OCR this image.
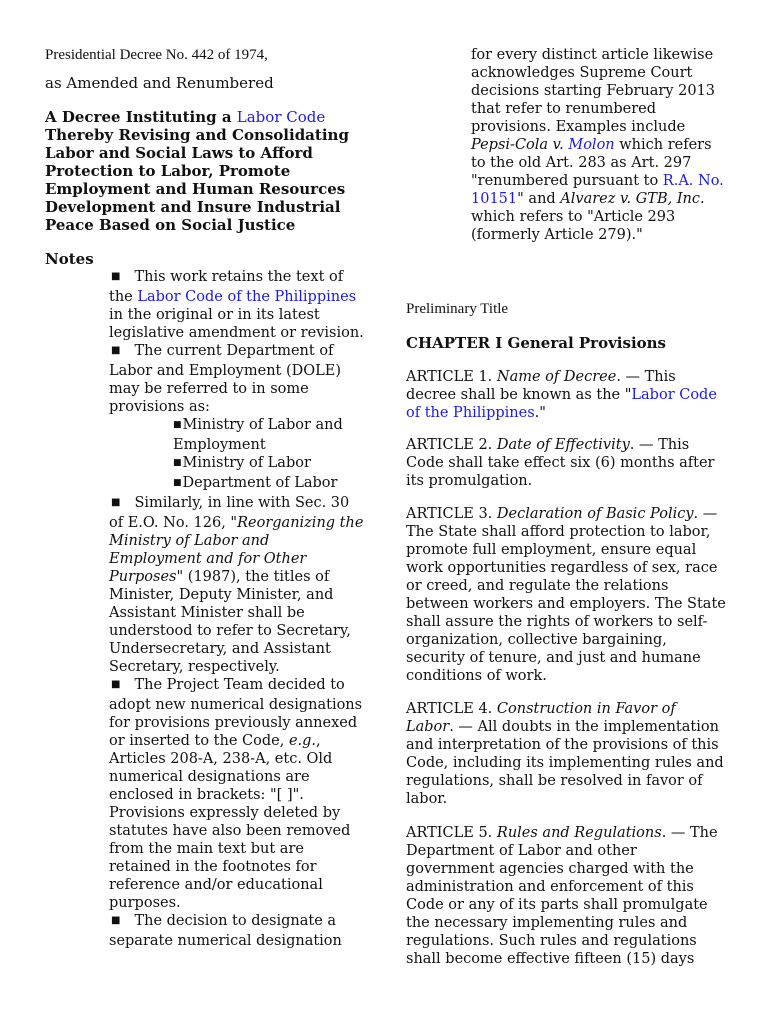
Presidential Decree No. 442 of 1974,
as Amended and Renumbered
A Decree Instituting a Labor Code
Thereby Revising and Consolidating Labor and Social Laws to Afford Protection to Labor, Promote Employment and Human Resources Development and Insure Industrial Peace Based on Social Justice
Notes
■ This work retains the text of the Labor Code of the Philippines in the original or in its latest legislative amendment or revision.
■ The current Department of Labor and Employment (DOLE) may be referred to in some provisions as:
■Ministry of Labor and Employment
■Ministry of Labor
■Department of Labor
■ Similarly, in line with Sec. 30 of E.O. No. 126, "Reorganizing the Ministry of Labor and Employment and for Other Purposes" (1987), the titles of Minister, Deputy Minister, and Assistant Minister shall be understood to refer to Secretary, Undersecretary, and Assistant Secretary, respectively.
■ The Project Team decided to adopt new numerical designations for provisions previously annexed or inserted to the Code, e.g., Articles 208-A, 238-A, etc. Old numerical designations are enclosed in brackets: "[ ]". Provisions expressly deleted by statutes have also been removed from the main text but are retained in the footnotes for reference and/or educational purposes.
■ The decision to designate a separate numerical designation
for every distinct article likewise acknowledges Supreme Court decisions starting February 2013 that refer to renumbered provisions. Examples include Pepsi-Cola v. Molon which refers to the old Art. 283 as Art. 297 "renumbered pursuant to R.A. No. 10151" and Alvarez v. GTB, Inc. which refers to "Article 293 (formerly Article 279)."
Preliminary Title
CHAPTER I General Provisions
ARTICLE 1. Name of Decree. — This decree shall be known as the "Labor Code of the Philippines."
ARTICLE 2. Date of Effectivity. — This Code shall take effect six (6) months after its promulgation.
ARTICLE 3. Declaration of Basic Policy. — The State shall afford protection to labor, promote full employment, ensure equal work opportunities regardless of sex, race or creed, and regulate the relations between workers and employers. The State shall assure the rights of workers to self-organization, collective bargaining, security of tenure, and just and humane conditions of work.
ARTICLE 4. Construction in Favor of Labor. — All doubts in the implementation and interpretation of the provisions of this Code, including its implementing rules and regulations, shall be resolved in favor of labor.
ARTICLE 5. Rules and Regulations. — The Department of Labor and other government agencies charged with the administration and enforcement of this Code or any of its parts shall promulgate the necessary implementing rules and regulations. Such rules and regulations shall become effective fifteen (15) days
